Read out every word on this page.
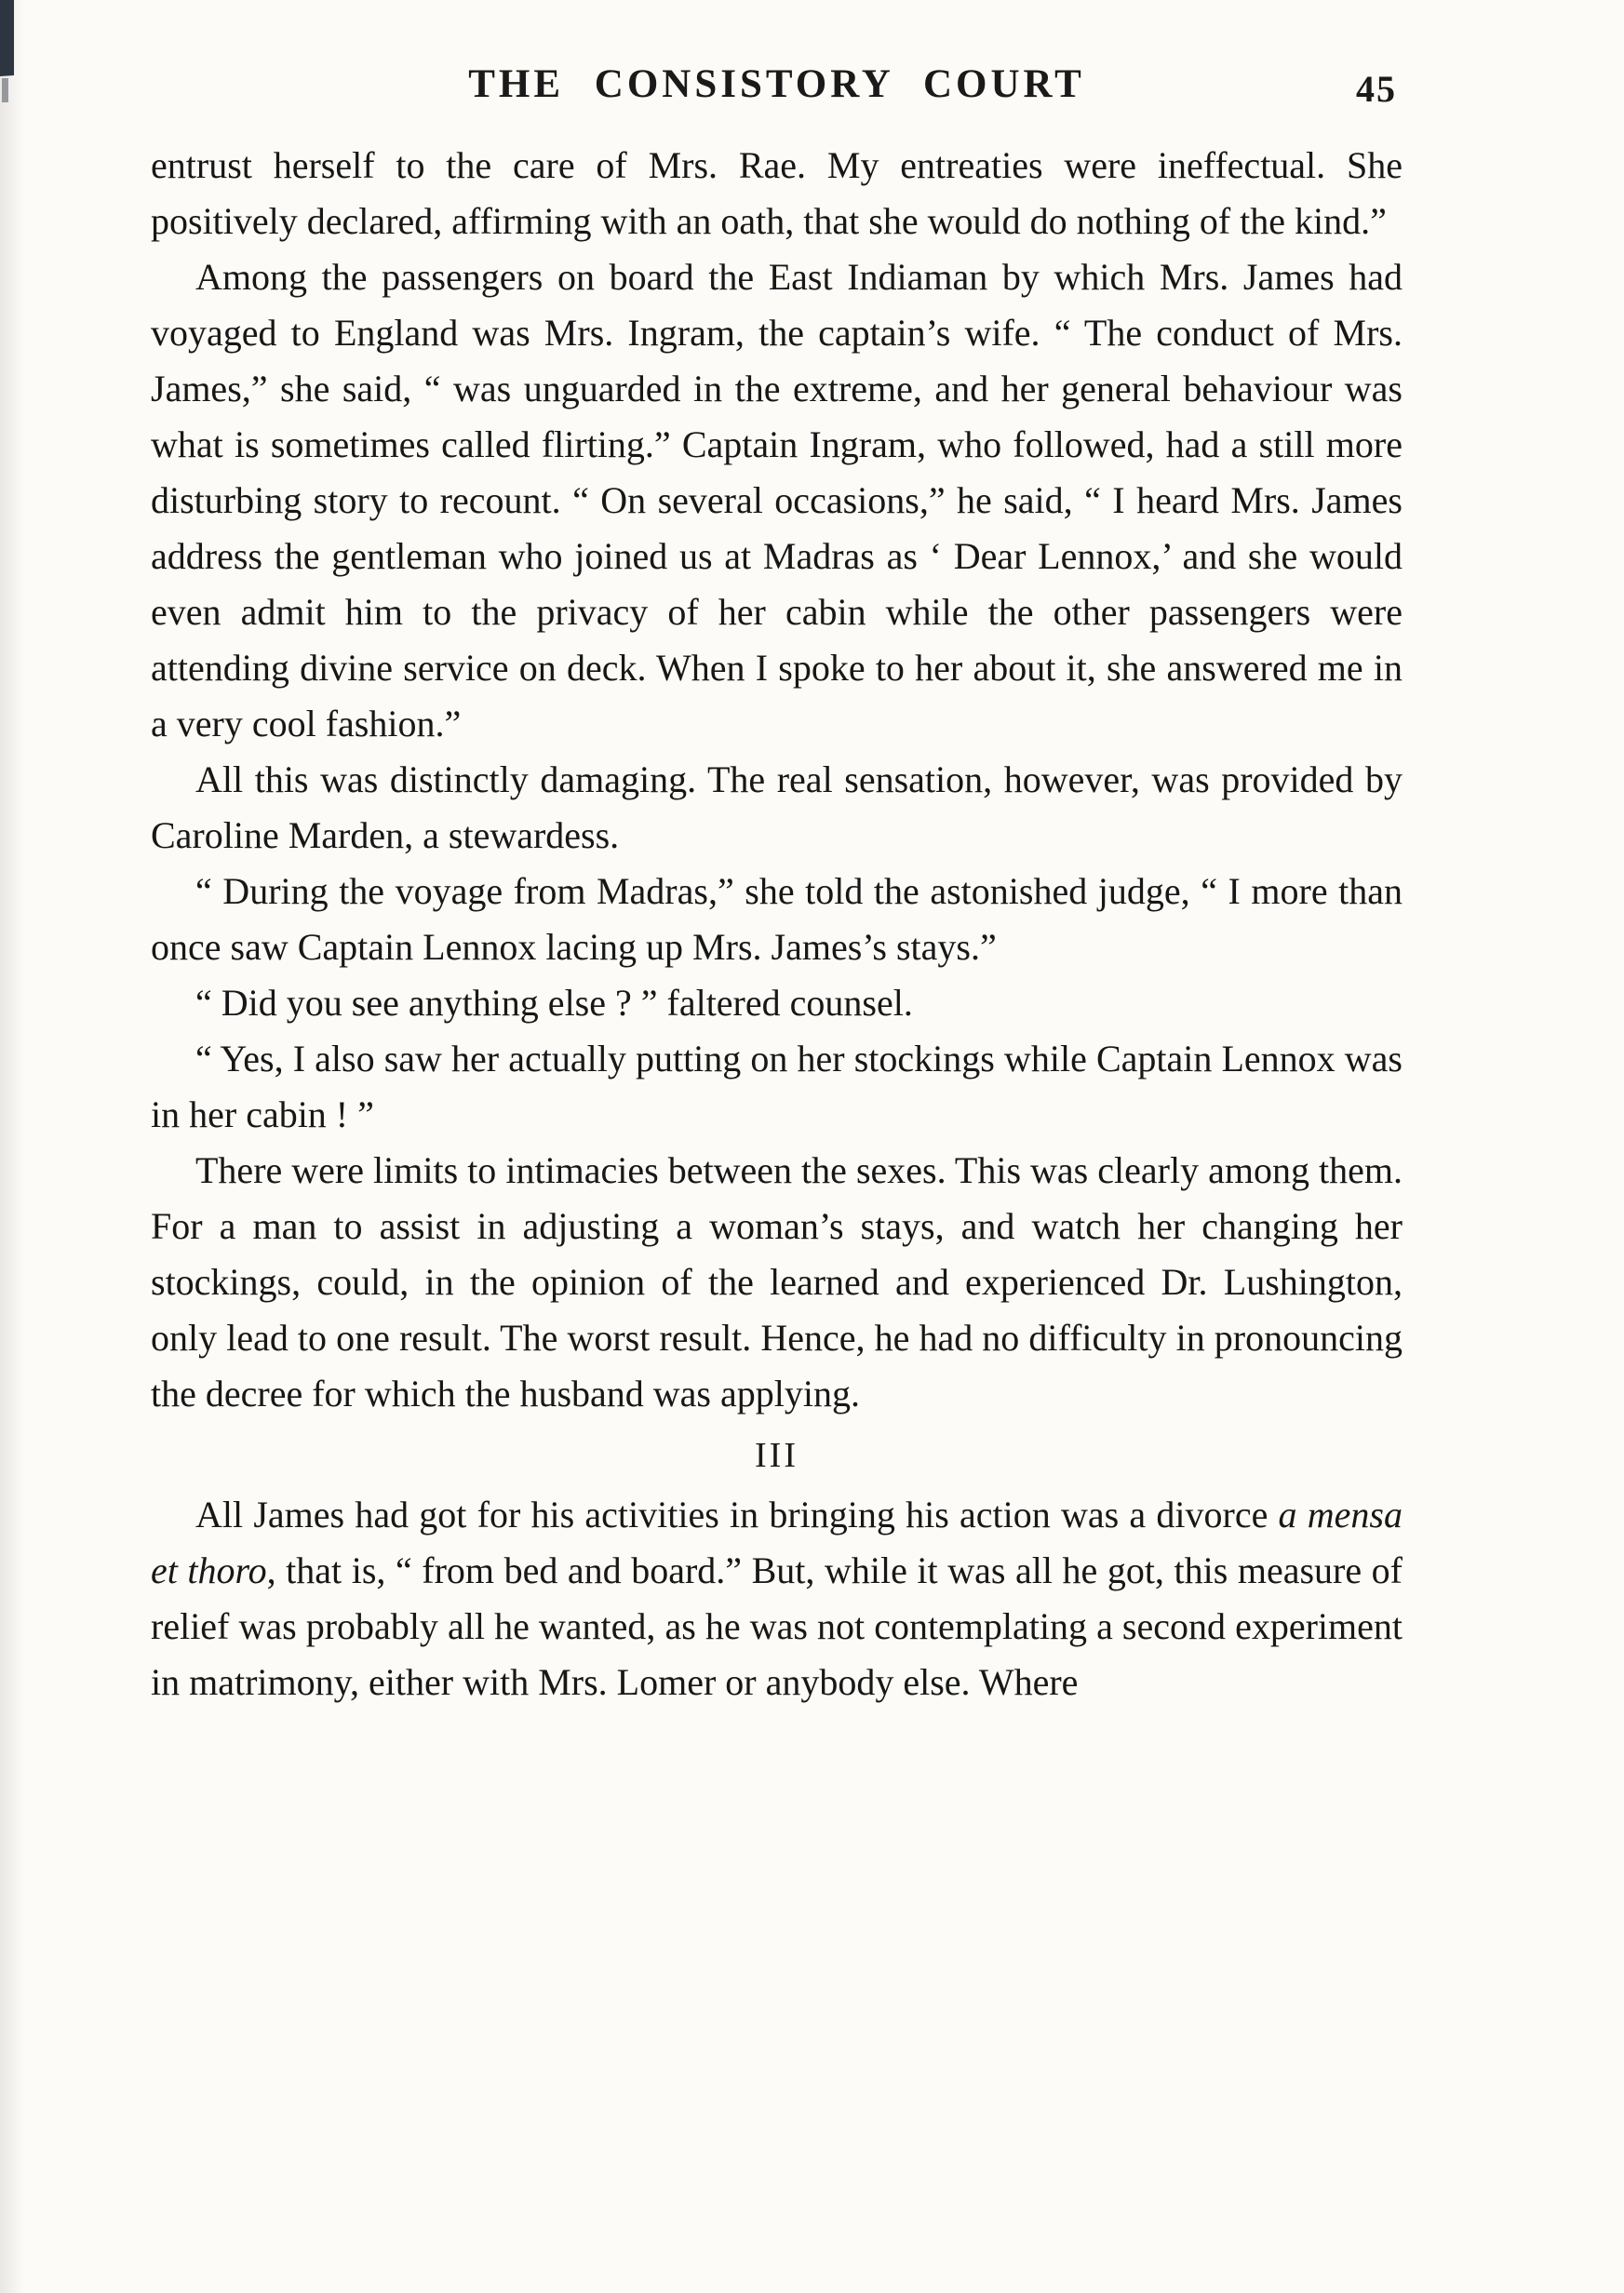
THE CONSISTORY COURT	45

entrust herself to the care of Mrs. Rae. My entreaties were ineffectual. She positively declared, affirming with an oath, that she would do nothing of the kind.”

Among the passengers on board the East Indiaman by which Mrs. James had voyaged to England was Mrs. Ingram, the captain’s wife. “ The conduct of Mrs. James,” she said, “ was unguarded in the extreme, and her general behaviour was what is sometimes called flirting.” Captain Ingram, who followed, had a still more disturbing story to recount. “ On several occasions,” he said, “ I heard Mrs. James address the gentleman who joined us at Madras as ‘ Dear Lennox,’ and she would even admit him to the privacy of her cabin while the other passengers were attending divine service on deck. When I spoke to her about it, she answered me in a very cool fashion.”

All this was distinctly damaging. The real sensation, however, was provided by Caroline Marden, a stewardess.

“ During the voyage from Madras,” she told the astonished judge, “ I more than once saw Captain Lennox lacing up Mrs. James’s stays.”

“ Did you see anything else ? ” faltered counsel.

“ Yes, I also saw her actually putting on her stockings while Captain Lennox was in her cabin ! ”

There were limits to intimacies between the sexes. This was clearly among them. For a man to assist in adjusting a woman’s stays, and watch her changing her stockings, could, in the opinion of the learned and experienced Dr. Lushington, only lead to one result. The worst result. Hence, he had no difficulty in pronouncing the decree for which the husband was applying.

III

All James had got for his activities in bringing his action was a divorce a mensa et thoro, that is, “ from bed and board.” But, while it was all he got, this measure of relief was probably all he wanted, as he was not contemplating a second experiment in matrimony, either with Mrs. Lomer or anybody else. Where
